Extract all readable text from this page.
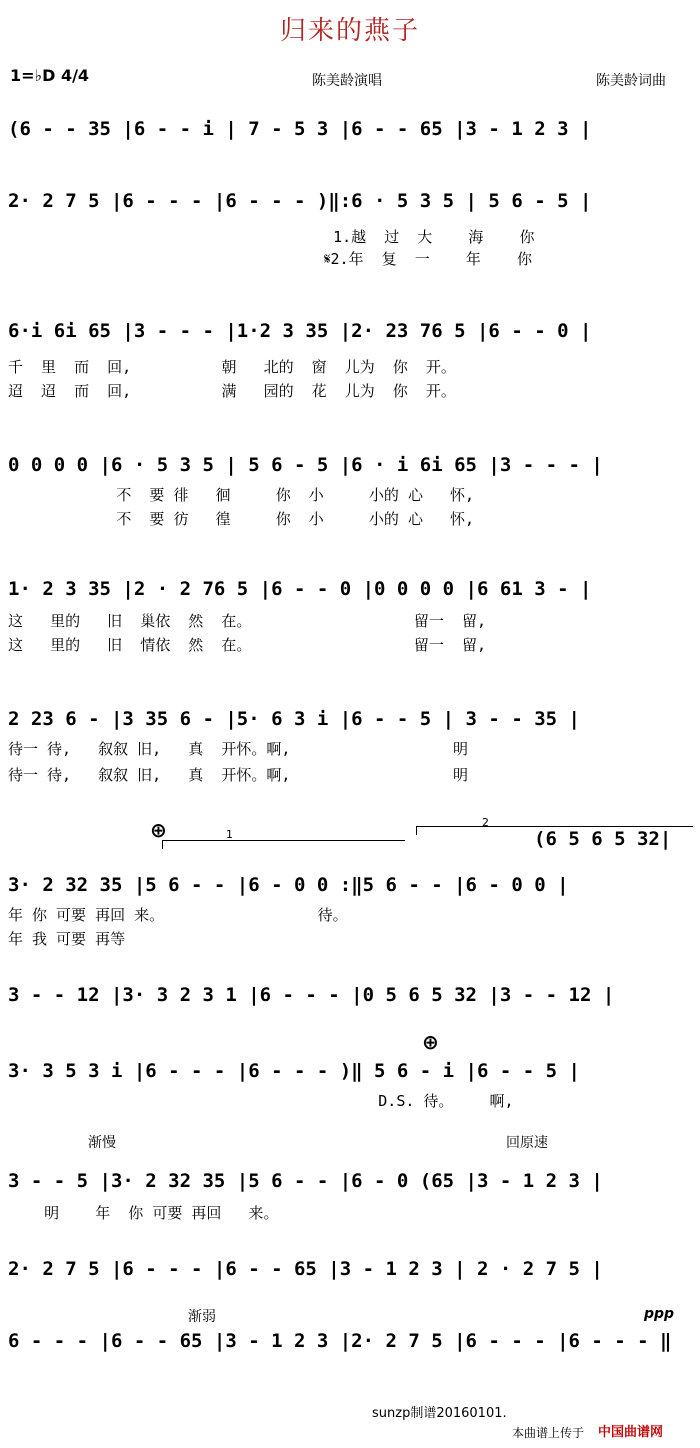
归来的燕子
1=♭D 4/4	陈美龄演唱	陈美龄词曲
(6 - - 35 |6 - - i | 7 - 5 3 |6 - - 65 |3 - 1 2 3 |
2· 2 7 5 |6 - - - |6 - - - )‖:6 · 5 3 5 | 5 6 - 5 |
1.越  过  大    海    你
𝄋2.年  复  一    年    你
6·i 6i 65 |3 - - - |1·2 3 35 |2· 23 76 5 |6 - - 0 |
千  里  而  回,          朝   北的  窗  儿为  你  开。
迢  迢  而  回,          满   园的  花  儿为  你  开。
0 0 0 0 |6 · 5 3 5 | 5 6 - 5 |6 · i 6i 65 |3 - - - |
不  要 徘   徊     你  小     小的 心   怀,
不  要 彷   徨     你  小     小的 心   怀,
1· 2 3 35 |2 · 2 76 5 |6 - - 0 |0 0 0 0 |6 61 3 - |
这   里的   旧  巢依  然  在。                  留一  留,
这   里的   旧  情依  然  在。                  留一  留,
2 23 6 - |3 35 6 - |5· 6 3 i |6 - - 5 | 3 - - 35 |
待一 待,   叙叙 旧,   真  开怀。啊,                  明
待一 待,   叙叙 旧,   真  开怀。啊,                  明
⊕	1
2
(6 5 6 5 32|
3· 2 32 35 |5 6 - - |6 - 0 0 :‖5 6 - - |6 - 0 0 |
年 你 可要 再回 来。                 待。
年 我 可要 再等
3 - - 12 |3· 3 2 3 1 |6 - - - |0 5 6 5 32 |3 - - 12 |
⊕
3· 3 5 3 i |6 - - - |6 - - - )‖ 5 6 - i |6 - - 5 |
D.S. 待。    啊,
渐慢	回原速
3 - - 5 |3· 2 32 35 |5 6 - - |6 - 0 (65 |3 - 1 2 3 |
明    年  你 可要 再回   来。
2· 2 7 5 |6 - - - |6 - - 65 |3 - 1 2 3 | 2 · 2 7 5 |
渐弱	ppp
6 - - - |6 - - 65 |3 - 1 2 3 |2· 2 7 5 |6 - - - |6 - - - ‖
sunzp制谱20160101.
本曲谱上传于 中国曲谱网
